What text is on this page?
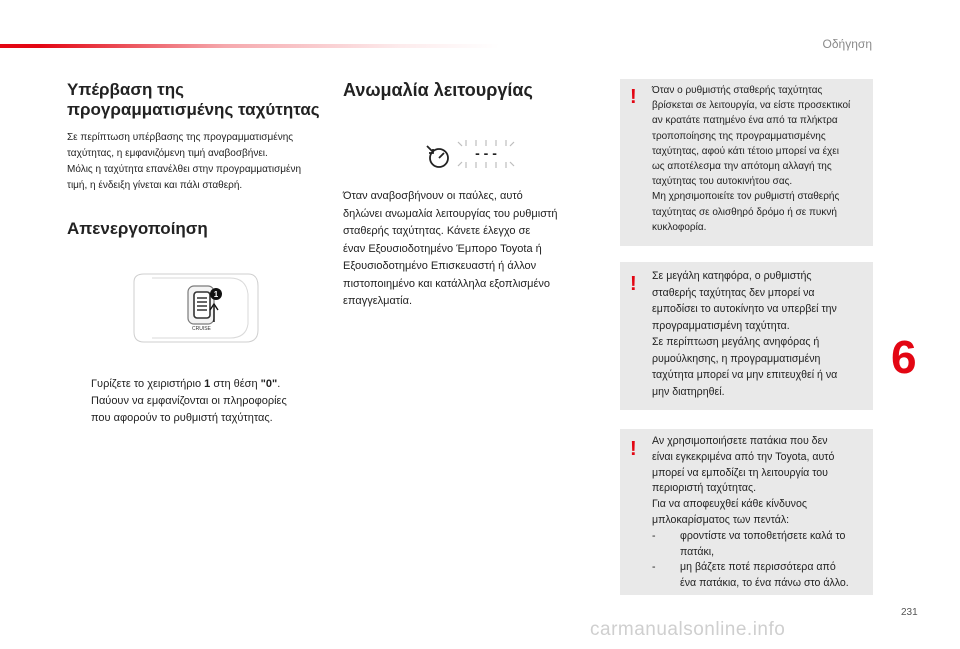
Οδήγηση
Υπέρβαση της
προγραμματισμένης ταχύτητας
Σε περίπτωση υπέρβασης της προγραμματισμένης
ταχύτητας, η εμφανιζόμενη τιμή αναβοσβήνει.
Μόλις η ταχύτητα επανέλθει στην προγραμματισμένη
τιμή, η ένδειξη γίνεται και πάλι σταθερή.
Απενεργοποίηση
CRUISE
1
Γυρίζετε το χειριστήριο 1 στη θέση "0".
Παύουν να εμφανίζονται οι πληροφορίες
που αφορούν το ρυθμιστή ταχύτητας.
Ανωμαλία λειτουργίας
- - -
Όταν αναβοσβήνουν οι παύλες, αυτό
δηλώνει ανωμαλία λειτουργίας του ρυθμιστή
σταθερής ταχύτητας. Κάνετε έλεγχο σε
έναν Εξουσιοδοτημένο Έμπορο Toyota ή
Εξουσιοδοτημένο Επισκευαστή ή άλλον
πιστοποιημένο και κατάλληλα εξοπλισμένο
επαγγελματία.
! Όταν ο ρυθμιστής σταθερής ταχύτητας

βρίσκεται σε λειτουργία, να είστε προσεκτικοί

αν κρατάτε πατημένο ένα από τα πλήκτρα

τροποποίησης της προγραμματισμένης

ταχύτητας, αφού κάτι τέτοιο μπορεί να έχει

ως αποτέλεσμα την απότομη αλλαγή της

ταχύτητας του αυτοκινήτου σας.

Μη χρησιμοποιείτε τον ρυθμιστή σταθερής

ταχύτητας σε ολισθηρό δρόμο ή σε πυκνή

κυκλοφορία.

! Σε μεγάλη κατηφόρα, ο ρυθμιστής

σταθερής ταχύτητας δεν μπορεί να

εμποδίσει το αυτοκίνητο να υπερβεί την

προγραμματισμένη ταχύτητα.

Σε περίπτωση μεγάλης ανηφόρας ή

ρυμούλκησης, η προγραμματισμένη

ταχύτητα μπορεί να μην επιτευχθεί ή να

μην διατηρηθεί.

! Αν χρησιμοποιήσετε πατάκια που δεν

είναι εγκεκριμένα από την Toyota, αυτό

μπορεί να εμποδίζει τη λειτουργία του

περιοριστή ταχύτητας.

Για να αποφευχθεί κάθε κίνδυνος

μπλοκαρίσματος των πεντάλ:

-	φροντίστε να τοποθετήσετε καλά το
πατάκι,
-	μη βάζετε ποτέ περισσότερα από
ένα πατάκια, το ένα πάνω στο άλλο.
6
231
carmanualsonline.info
